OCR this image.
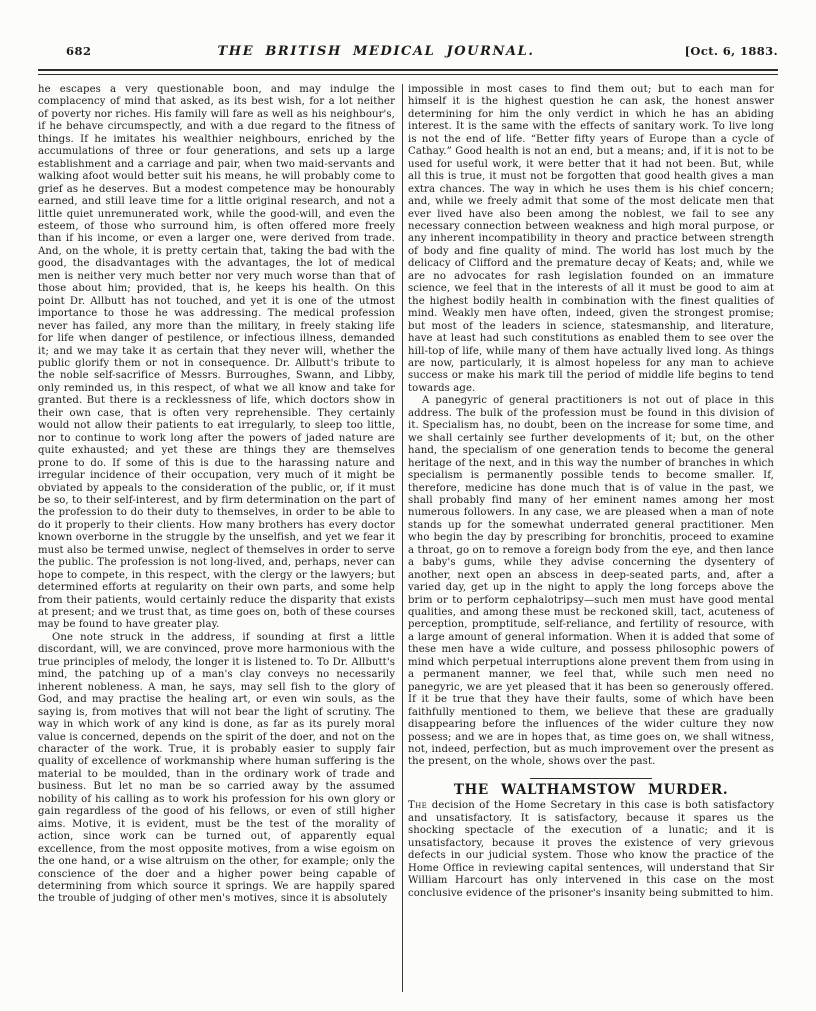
682	THE BRITISH MEDICAL JOURNAL.	[Oct. 6, 1883.

he escapes a very questionable boon, and may indulge the complacency of mind that asked, as its best wish, for a lot neither of poverty nor riches. His family will fare as well as his neighbour's, if he behave circumspectly, and with a due regard to the fitness of things. If he imitates his wealthier neighbours, enriched by the accumulations of three or four generations, and sets up a large establishment and a carriage and pair, when two maid-servants and walking afoot would better suit his means, he will probably come to grief as he deserves. But a modest competence may be honourably earned, and still leave time for a little original research, and not a little quiet unremunerated work, while the good-will, and even the esteem, of those who surround him, is often offered more freely than if his income, or even a larger one, were derived from trade. And, on the whole, it is pretty certain that, taking the bad with the good, the disadvantages with the advantages, the lot of medical men is neither very much better nor very much worse than that of those about him; provided, that is, he keeps his health. On this point Dr. Allbutt has not touched, and yet it is one of the utmost importance to those he was addressing. The medical profession never has failed, any more than the military, in freely staking life for life when danger of pestilence, or infectious illness, demanded it; and we may take it as certain that they never will, whether the public glorify them or not in consequence. Dr. Allbutt's tribute to the noble self-sacrifice of Messrs. Burroughes, Swann, and Libby, only reminded us, in this respect, of what we all know and take for granted. But there is a recklessness of life, which doctors show in their own case, that is often very reprehensible. They certainly would not allow their patients to eat irregularly, to sleep too little, nor to continue to work long after the powers of jaded nature are quite exhausted; and yet these are things they are themselves prone to do. If some of this is due to the harassing nature and irregular incidence of their occupation, very much of it might be obviated by appeals to the consideration of the public, or, if it must be so, to their self-interest, and by firm determination on the part of the profession to do their duty to themselves, in order to be able to do it properly to their clients. How many brothers has every doctor known overborne in the struggle by the unselfish, and yet we fear it must also be termed unwise, neglect of themselves in order to serve the public. The profession is not long-lived, and, perhaps, never can hope to compete, in this respect, with the clergy or the lawyers; but determined efforts at regularity on their own parts, and some help from their patients, would certainly reduce the disparity that exists at present; and we trust that, as time goes on, both of these courses may be found to have greater play.

One note struck in the address, if sounding at first a little discordant, will, we are convinced, prove more harmonious with the true principles of melody, the longer it is listened to. To Dr. Allbutt's mind, the patching up of a man's clay conveys no necessarily inherent nobleness. A man, he says, may sell fish to the glory of God, and may practise the healing art, or even win souls, as the saying is, from motives that will not bear the light of scrutiny. The way in which work of any kind is done, as far as its purely moral value is concerned, depends on the spirit of the doer, and not on the character of the work. True, it is probably easier to supply fair quality of excellence of workmanship where human suffering is the material to be moulded, than in the ordinary work of trade and business. But let no man be so carried away by the assumed nobility of his calling as to work his profession for his own glory or gain regardless of the good of his fellows, or even of still higher aims. Motive, it is evident, must be the test of the morality of action, since work can be turned out, of apparently equal excellence, from the most opposite motives, from a wise egoism on the one hand, or a wise altruism on the other, for example; only the conscience of the doer and a higher power being capable of determining from which source it springs. We are happily spared the trouble of judging of other men's motives, since it is absolutely

impossible in most cases to find them out; but to each man for himself it is the highest question he can ask, the honest answer determining for him the only verdict in which he has an abiding interest. It is the same with the effects of sanitary work. To live long is not the end of life. “Better fifty years of Europe than a cycle of Cathay.” Good health is not an end, but a means; and, if it is not to be used for useful work, it were better that it had not been. But, while all this is true, it must not be forgotten that good health gives a man extra chances. The way in which he uses them is his chief concern; and, while we freely admit that some of the most delicate men that ever lived have also been among the noblest, we fail to see any necessary connection between weakness and high moral purpose, or any inherent incompatibility in theory and practice between strength of body and fine quality of mind. The world has lost much by the delicacy of Clifford and the premature decay of Keats; and, while we are no advocates for rash legislation founded on an immature science, we feel that in the interests of all it must be good to aim at the highest bodily health in combination with the finest qualities of mind. Weakly men have often, indeed, given the strongest promise; but most of the leaders in science, statesmanship, and literature, have at least had such constitutions as enabled them to see over the hill-top of life, while many of them have actually lived long. As things are now, particularly, it is almost hopeless for any man to achieve success or make his mark till the period of middle life begins to tend towards age.

A panegyric of general practitioners is not out of place in this address. The bulk of the profession must be found in this division of it. Specialism has, no doubt, been on the increase for some time, and we shall certainly see further developments of it; but, on the other hand, the specialism of one generation tends to become the general heritage of the next, and in this way the number of branches in which specialism is permanently possible tends to become smaller. If, therefore, medicine has done much that is of value in the past, we shall probably find many of her eminent names among her most numerous followers. In any case, we are pleased when a man of note stands up for the somewhat underrated general practitioner. Men who begin the day by prescribing for bronchitis, proceed to examine a throat, go on to remove a foreign body from the eye, and then lance a baby's gums, while they advise concerning the dysentery of another, next open an abscess in deep-seated parts, and, after a varied day, get up in the night to apply the long forceps above the brim or to perform cephalotripsy—such men must have good mental qualities, and among these must be reckoned skill, tact, acuteness of perception, promptitude, self-reliance, and fertility of resource, with a large amount of general information. When it is added that some of these men have a wide culture, and possess philosophic powers of mind which perpetual interruptions alone prevent them from using in a permanent manner, we feel that, while such men need no panegyric, we are yet pleased that it has been so generously offered. If it be true that they have their faults, some of which have been faithfully mentioned to them, we believe that these are gradually disappearing before the influences of the wider culture they now possess; and we are in hopes that, as time goes on, we shall witness, not, indeed, perfection, but as much improvement over the present as the present, on the whole, shows over the past.

THE WALTHAMSTOW MURDER.

The decision of the Home Secretary in this case is both satisfactory and unsatisfactory. It is satisfactory, because it spares us the shocking spectacle of the execution of a lunatic; and it is unsatisfactory, because it proves the existence of very grievous defects in our judicial system. Those who know the practice of the Home Office in reviewing capital sentences, will understand that Sir William Harcourt has only intervened in this case on the most conclusive evidence of the prisoner's insanity being submitted to him.
